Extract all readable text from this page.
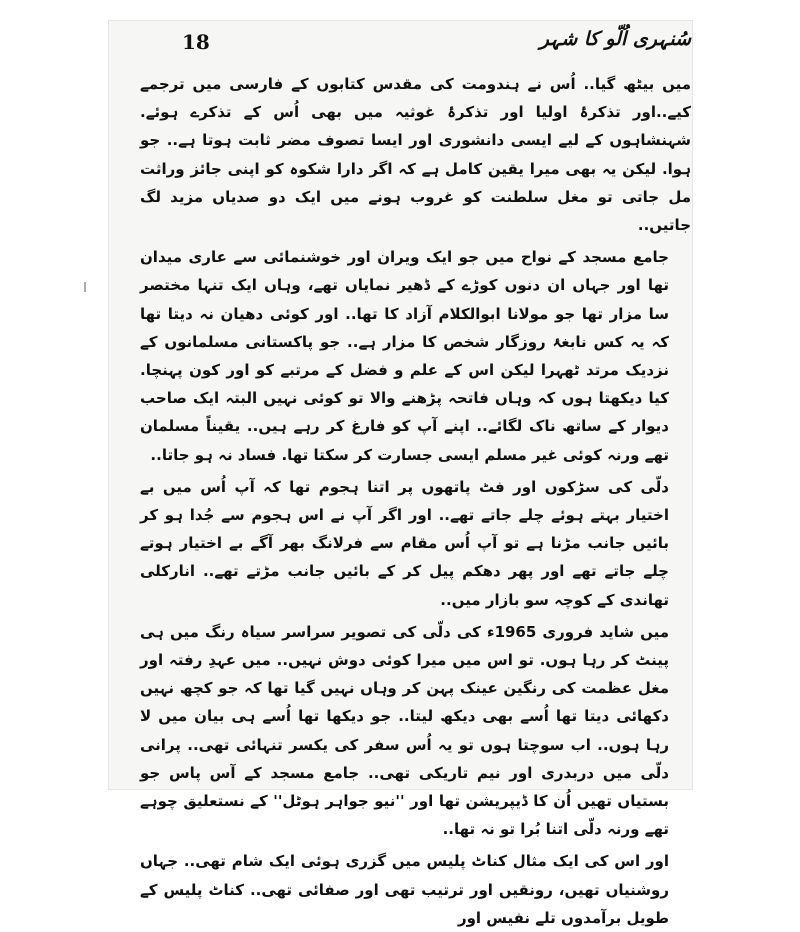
18	سُنہری اُلّو کا شہر

میں بیٹھ گیا.. اُس نے ہندومت کی مقدس کتابوں کے فارسی میں ترجمے کیے..اور تذکرۂ اولیا اور تذکرۂ غوثیہ میں بھی اُس کے تذکرے ہوئے. شہنشاہوں کے لیے ایسی دانشوری اور ایسا تصوف مضر ثابت ہوتا ہے.. جو ہوا. لیکن یہ بھی میرا یقین کامل ہے کہ اگر دارا شکوہ کو اپنی جائز وراثت مل جاتی تو مغل سلطنت کو غروب ہونے میں ایک دو صدیاں مزید لگ جاتیں..

جامع مسجد کے نواح میں جو ایک ویران اور خوشنمائی سے عاری میدان تھا اور جہاں ان دنوں کوڑے کے ڈھیر نمایاں تھے، وہاں ایک تنہا مختصر سا مزار تھا جو مولانا ابوالکلام آزاد کا تھا.. اور کوئی دھیان نہ دیتا تھا کہ یہ کس نابغۂ روزگار شخص کا مزار ہے.. جو پاکستانی مسلمانوں کے نزدیک مرتد ٹھہرا لیکن اس کے علم و فضل کے مرتبے کو اور کون پہنچا. کیا دیکھتا ہوں کہ وہاں فاتحہ پڑھنے والا تو کوئی نہیں البتہ ایک صاحب دیوار کے ساتھ ناک لگائے.. اپنے آپ کو فارغ کر رہے ہیں.. یقیناً مسلمان تھے ورنہ کوئی غیر مسلم ایسی جسارت کر سکتا تھا. فساد نہ ہو جاتا..

دلّی کی سڑکوں اور فٹ پاتھوں پر اتنا ہجوم تھا کہ آپ اُس میں بے اختیار بہتے ہوئے چلے جاتے تھے.. اور اگر آپ نے اس ہجوم سے جُدا ہو کر بائیں جانب مڑنا ہے تو آپ اُس مقام سے فرلانگ بھر آگے بے اختیار ہوتے چلے جاتے تھے اور پھر دھکم پیل کر کے بائیں جانب مڑتے تھے.. انارکلی تھاندی کے کوچہ سو بازار میں..

میں شاید فروری 1965ء کی دلّی کی تصویر سراسر سیاہ رنگ میں ہی پینٹ کر رہا ہوں. تو اس میں میرا کوئی دوش نہیں.. میں عہدِ رفتہ اور مغل عظمت کی رنگین عینک پہن کر وہاں نہیں گیا تھا کہ جو کچھ نہیں دکھائی دیتا تھا اُسے بھی دیکھ لیتا.. جو دیکھا تھا اُسے ہی بیان میں لا رہا ہوں.. اب سوچتا ہوں تو یہ اُس سفر کی یکسر تنہائی تھی.. پرانی دلّی میں دربدری اور نیم تاریکی تھی.. جامع مسجد کے آس پاس جو بستیاں تھیں اُن کا ڈیپریشن تھا اور ''نیو جواہر ہوٹل'' کے نستعلیق چوہے تھے ورنہ دلّی اتنا بُرا تو نہ تھا..

اور اس کی ایک مثال کناٹ پلیس میں گزری ہوئی ایک شام تھی.. جہاں روشنیاں تھیں، رونقیں اور ترتیب تھی اور صفائی تھی.. کناٹ پلیس کے طویل برآمدوں تلے نفیس اور
